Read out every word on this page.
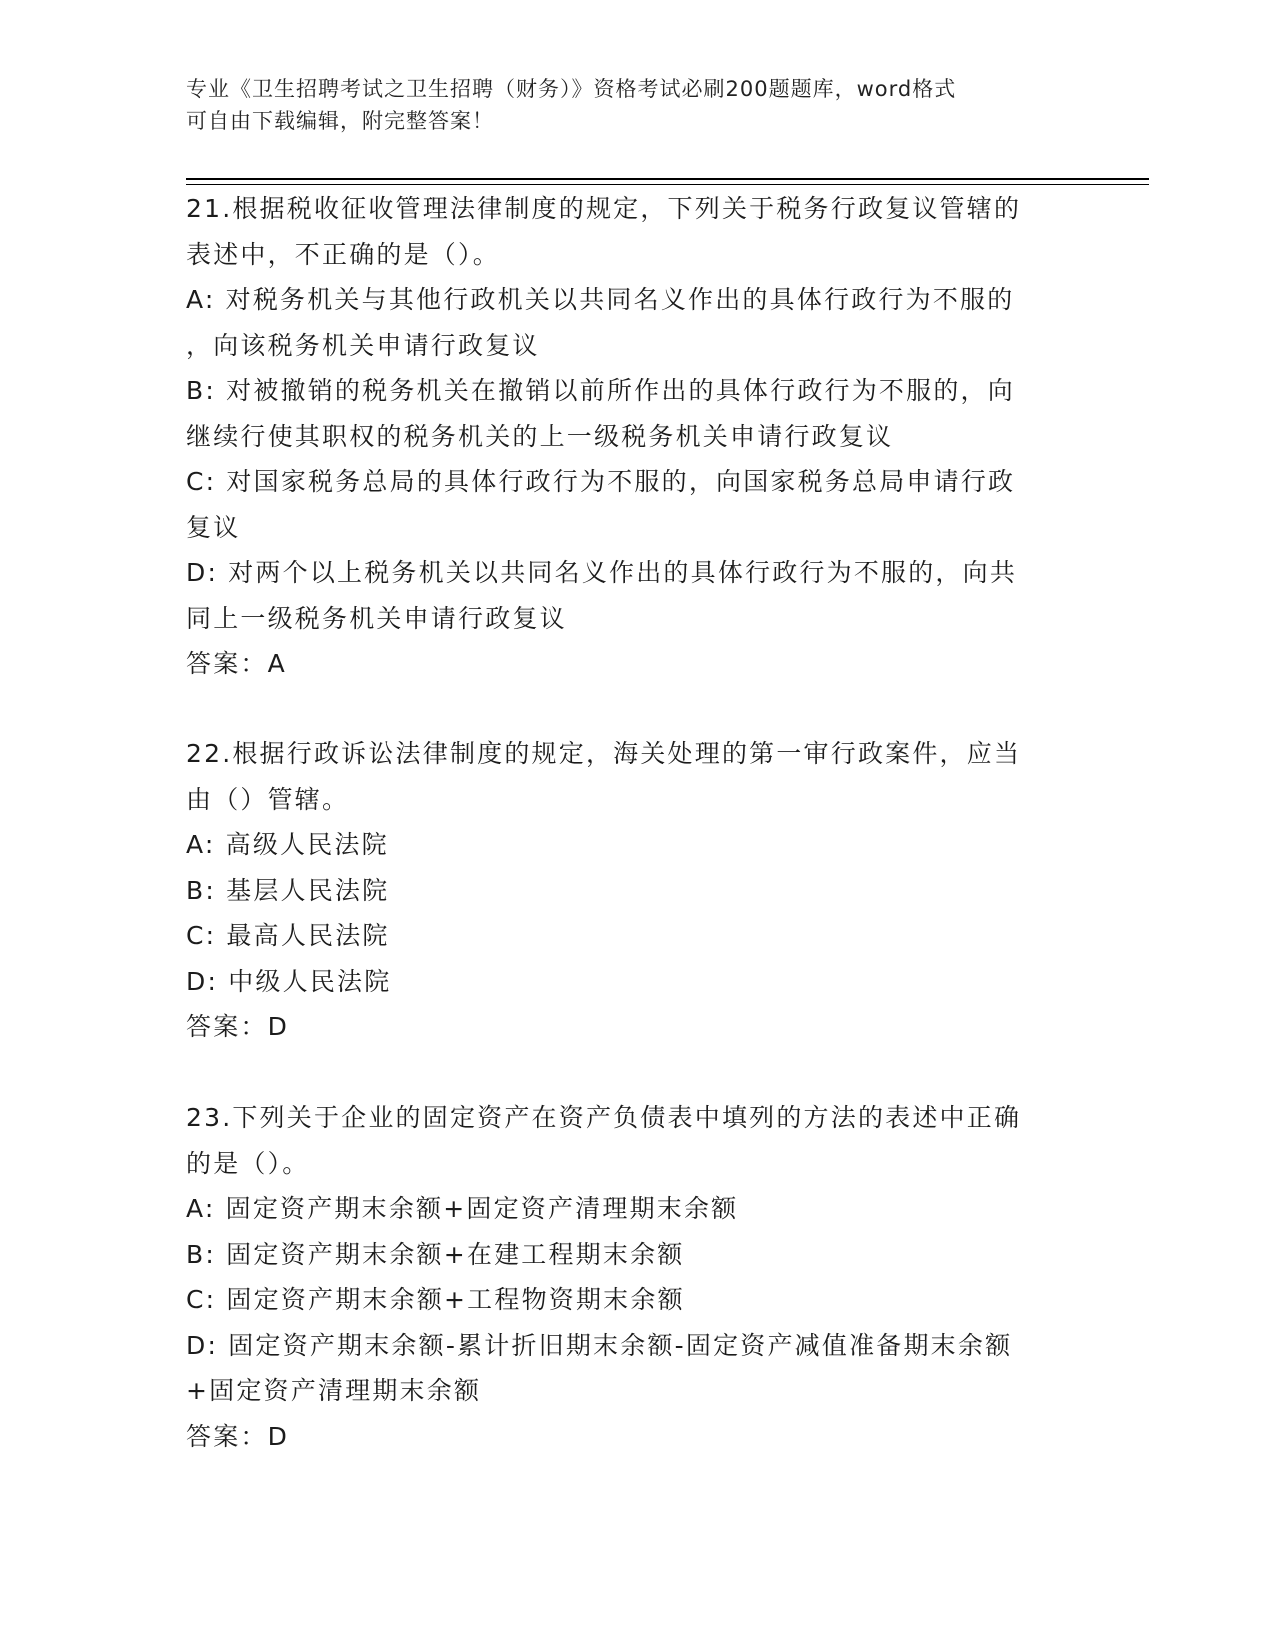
专业《卫生招聘考试之卫生招聘（财务）》资格考试必刷200题题库，word格式

可自由下载编辑，附完整答案！

21.根据税收征收管理法律制度的规定，下列关于税务行政复议管辖的

表述中，不正确的是（）。

A: 对税务机关与其他行政机关以共同名义作出的具体行政行为不服的

，向该税务机关申请行政复议

B: 对被撤销的税务机关在撤销以前所作出的具体行政行为不服的，向

继续行使其职权的税务机关的上一级税务机关申请行政复议

C: 对国家税务总局的具体行政行为不服的，向国家税务总局申请行政

复议

D: 对两个以上税务机关以共同名义作出的具体行政行为不服的，向共

同上一级税务机关申请行政复议

答案：A

22.根据行政诉讼法律制度的规定，海关处理的第一审行政案件，应当

由（）管辖。

A: 高级人民法院

B: 基层人民法院

C: 最高人民法院

D: 中级人民法院

答案：D

23.下列关于企业的固定资产在资产负债表中填列的方法的表述中正确

的是（）。

A: 固定资产期末余额+固定资产清理期末余额

B: 固定资产期末余额+在建工程期末余额

C: 固定资产期末余额+工程物资期末余额

D: 固定资产期末余额-累计折旧期末余额-固定资产减值准备期末余额

+固定资产清理期末余额

答案：D
